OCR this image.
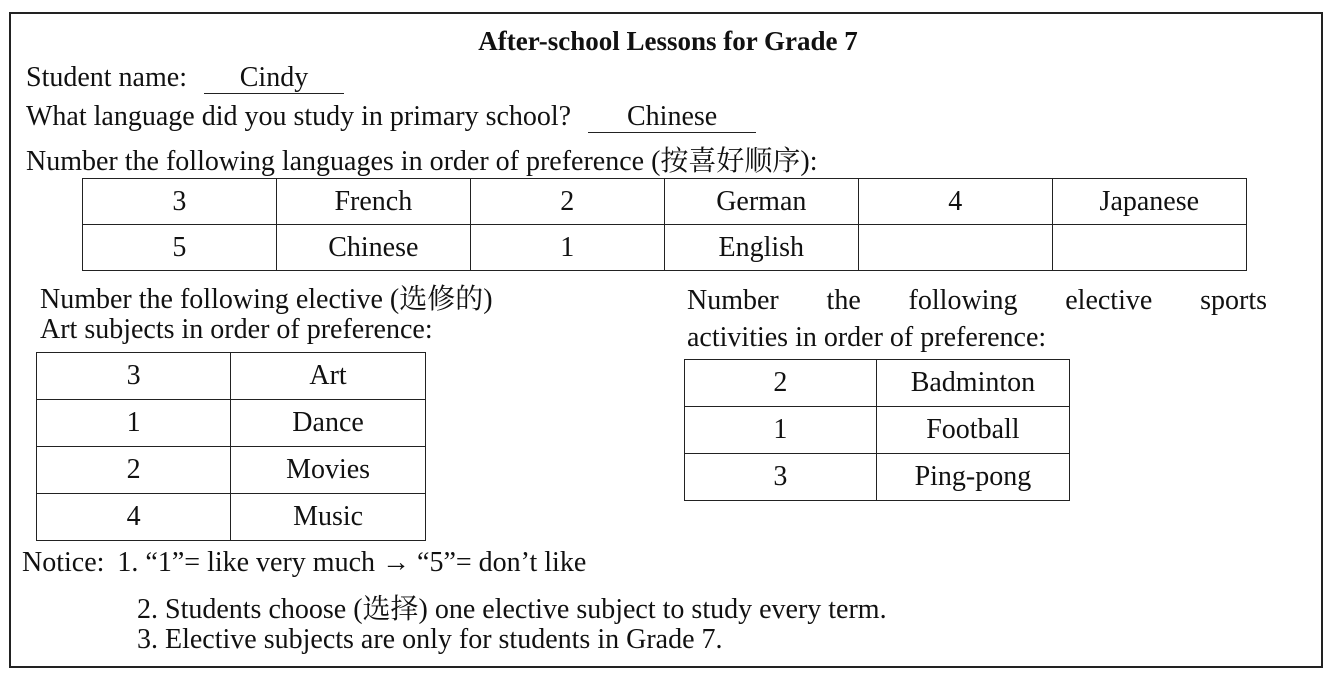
After-school Lessons for Grade 7
Student name: Cindy
What language did you study in primary school? Chinese
Number the following languages in order of preference (按喜好顺序):
3	French	2	German	4	Japanese
5	Chinese	1	English		
Number the following elective (选修的)
Art subjects in order of preference:
3	Art
1	Dance
2	Movies
4	Music
Number the following elective sports
activities in order of preference:
2	Badminton
1	Football
3	Ping-pong
Notice: 1. “1”= like very much → “5”= don’t like
2. Students choose (选择) one elective subject to study every term.
3. Elective subjects are only for students in Grade 7.
